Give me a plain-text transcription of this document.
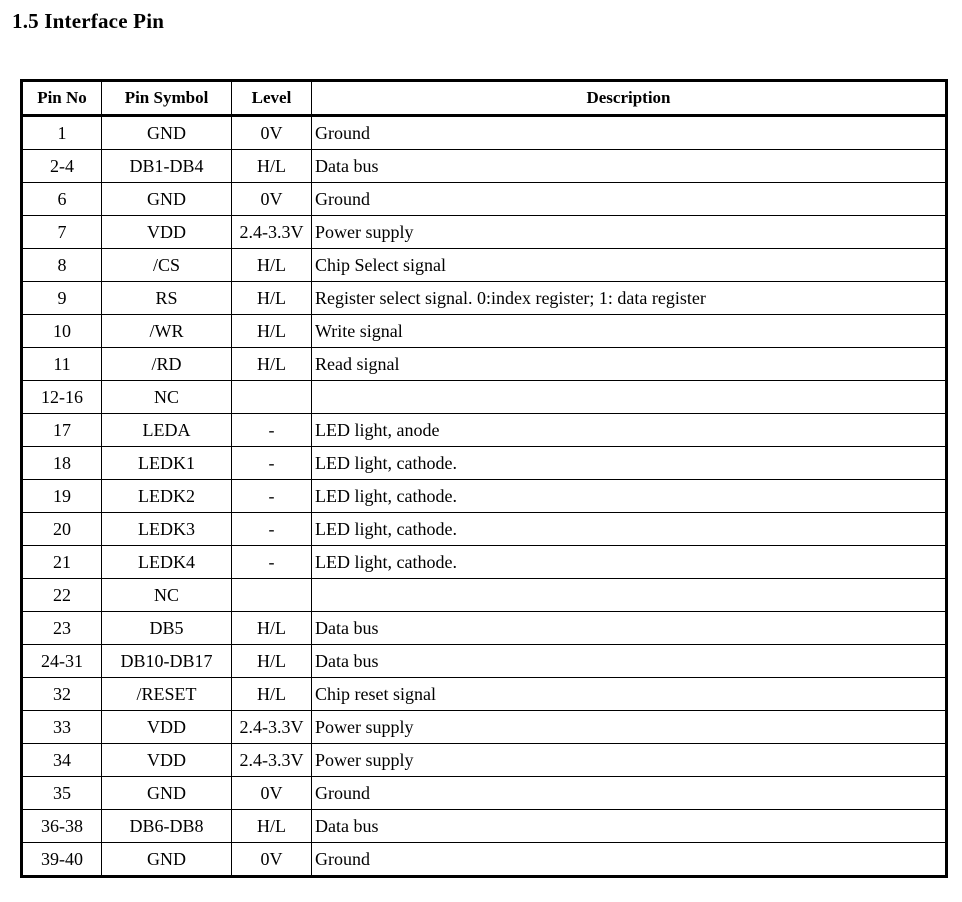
1.5 Interface Pin
Pin No	Pin Symbol	Level	Description
1	GND	0V	Ground
2-4	DB1-DB4	H/L	Data bus
6	GND	0V	Ground
7	VDD	2.4-3.3V	Power supply
8	/CS	H/L	Chip Select signal
9	RS	H/L	Register select signal. 0:index register; 1: data register
10	/WR	H/L	Write signal
11	/RD	H/L	Read signal
12-16	NC		
17	LEDA	-	LED light, anode
18	LEDK1	-	LED light, cathode.
19	LEDK2	-	LED light, cathode.
20	LEDK3	-	LED light, cathode.
21	LEDK4	-	LED light, cathode.
22	NC		
23	DB5	H/L	Data bus
24-31	DB10-DB17	H/L	Data bus
32	/RESET	H/L	Chip reset signal
33	VDD	2.4-3.3V	Power supply
34	VDD	2.4-3.3V	Power supply
35	GND	0V	Ground
36-38	DB6-DB8	H/L	Data bus
39-40	GND	0V	Ground
